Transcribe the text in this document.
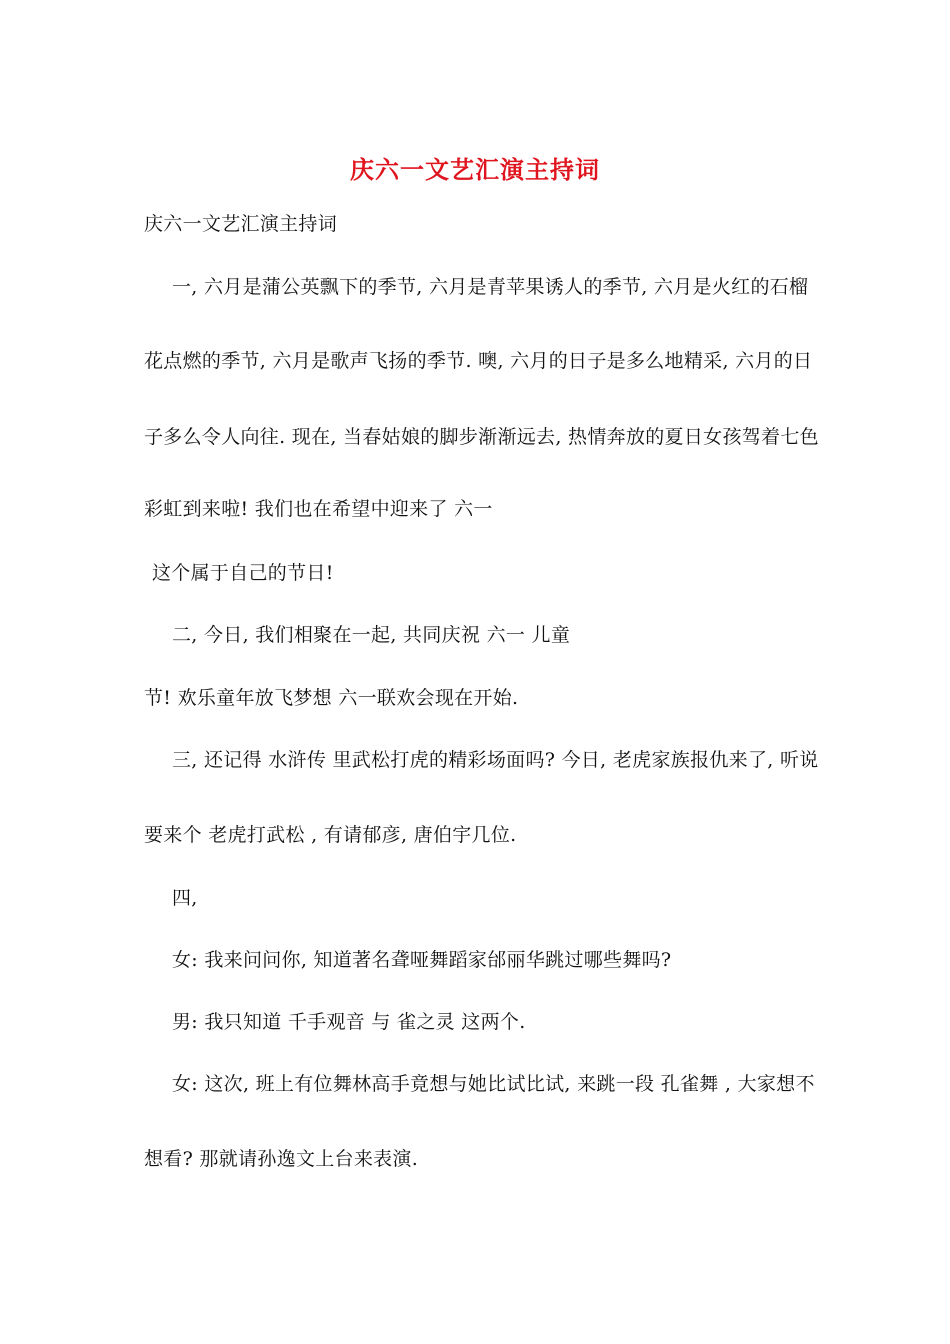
庆六一文艺汇演主持词
庆六一文艺汇演主持词
一, 六月是蒲公英飘下的季节, 六月是青苹果诱人的季节, 六月是火红的石榴
花点燃的季节, 六月是歌声飞扬的季节. 噢, 六月的日子是多么地精采, 六月的日
子多么令人向往. 现在, 当春姑娘的脚步渐渐远去, 热情奔放的夏日女孩驾着七色
彩虹到来啦! 我们也在希望中迎来了 六一
这个属于自己的节日!
二, 今日, 我们相聚在一起, 共同庆祝 六一 儿童
节! 欢乐童年放飞梦想 六一联欢会现在开始.
三, 还记得 水浒传 里武松打虎的精彩场面吗? 今日, 老虎家族报仇来了, 听说
要来个 老虎打武松 , 有请郁彦, 唐伯宇几位.
四,
女: 我来问问你, 知道著名聋哑舞蹈家邰丽华跳过哪些舞吗?
男: 我只知道 千手观音 与 雀之灵 这两个.
女: 这次, 班上有位舞林高手竟想与她比试比试, 来跳一段 孔雀舞 , 大家想不
想看? 那就请孙逸文上台来表演.
